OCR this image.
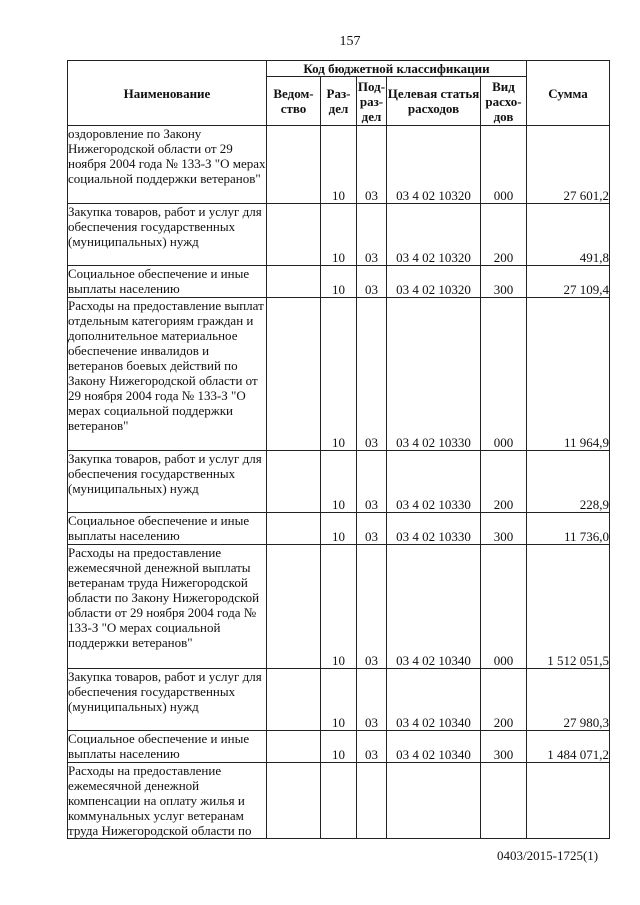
157
Наименование	Код бюджетной классификации					Сумма
	Ведом-ство	Раз-дел	Под-раз-дел	Целевая статья расходов	Вид расхо-дов	
оздоровление по Закону Нижегородской области от 29 ноября 2004 года № 133-З "О мерах социальной поддержки ветеранов"		10	03	03 4 02 10320	000	27 601,2
Закупка товаров, работ и услуг для обеспечения государственных (муниципальных) нужд		10	03	03 4 02 10320	200	491,8
Социальное обеспечение и иные выплаты населению		10	03	03 4 02 10320	300	27 109,4
Расходы на предоставление выплат отдельным категориям граждан и дополнительное материальное обеспечение инвалидов и ветеранов боевых действий по Закону Нижегородской области от 29 ноября 2004 года № 133-З "О мерах социальной поддержки ветеранов"		10	03	03 4 02 10330	000	11 964,9
Закупка товаров, работ и услуг для обеспечения государственных (муниципальных) нужд		10	03	03 4 02 10330	200	228,9
Социальное обеспечение и иные выплаты населению		10	03	03 4 02 10330	300	11 736,0
Расходы на предоставление ежемесячной денежной выплаты ветеранам труда Нижегородской области по Закону Нижегородской области от 29 ноября 2004 года № 133-З "О мерах социальной поддержки ветеранов"		10	03	03 4 02 10340	000	1 512 051,5
Закупка товаров, работ и услуг для обеспечения государственных (муниципальных) нужд		10	03	03 4 02 10340	200	27 980,3
Социальное обеспечение и иные выплаты населению		10	03	03 4 02 10340	300	1 484 071,2
Расходы на предоставление ежемесячной денежной компенсации на оплату жилья и коммунальных услуг ветеранам труда Нижегородской области по						
0403/2015-1725(1)
